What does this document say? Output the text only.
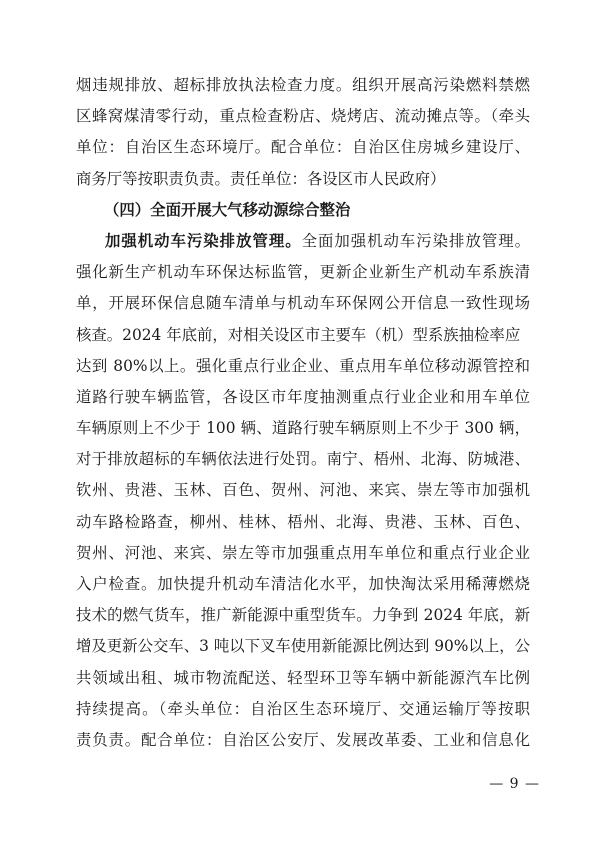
烟违规排放、超标排放执法检查力度。组织开展高污染燃料禁燃
区蜂窝煤清零行动，重点检查粉店、烧烤店、流动摊点等。（牵头
单位：自治区生态环境厅。配合单位：自治区住房城乡建设厅、
商务厅等按职责负责。责任单位：各设区市人民政府）
（四）全面开展大气移动源综合整治
加强机动车污染排放管理。全面加强机动车污染排放管理。
强化新生产机动车环保达标监管，更新企业新生产机动车系族清
单，开展环保信息随车清单与机动车环保网公开信息一致性现场
核查。2024 年底前，对相关设区市主要车（机）型系族抽检率应
达到 80%以上。强化重点行业企业、重点用车单位移动源管控和
道路行驶车辆监管，各设区市年度抽测重点行业企业和用车单位
车辆原则上不少于 100 辆、道路行驶车辆原则上不少于 300 辆，
对于排放超标的车辆依法进行处罚。南宁、梧州、北海、防城港、
钦州、贵港、玉林、百色、贺州、河池、来宾、崇左等市加强机
动车路检路查，柳州、桂林、梧州、北海、贵港、玉林、百色、
贺州、河池、来宾、崇左等市加强重点用车单位和重点行业企业
入户检查。加快提升机动车清洁化水平，加快淘汰采用稀薄燃烧
技术的燃气货车，推广新能源中重型货车。力争到 2024 年底，新
增及更新公交车、3 吨以下叉车使用新能源比例达到 90%以上，公
共领域出租、城市物流配送、轻型环卫等车辆中新能源汽车比例
持续提高。（牵头单位：自治区生态环境厅、交通运输厅等按职
责负责。配合单位：自治区公安厅、发展改革委、工业和信息化
— 9 —
